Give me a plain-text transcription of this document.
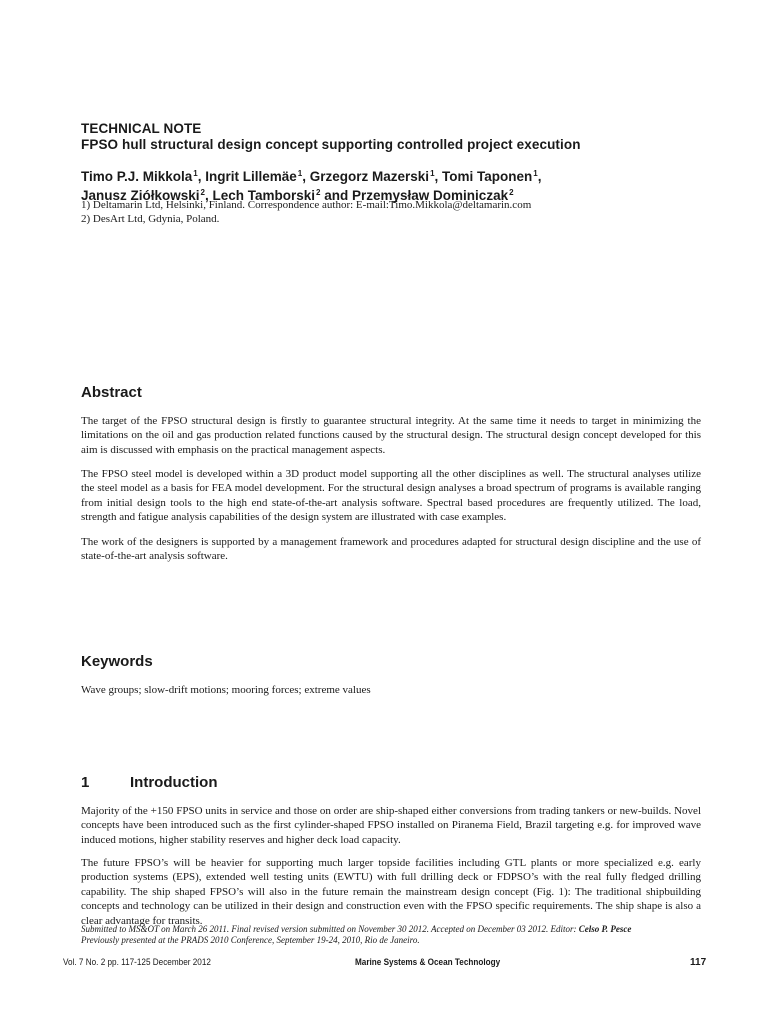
TECHNICAL NOTE
FPSO hull structural design concept supporting controlled project execution
Timo P.J. Mikkola$^1$, Ingrit Lillemäe$^1$, Grzegorz Mazerski$^1$, Tomi Taponen$^1$,
Janusz Ziółkowski$^2$, Lech Tamborski$^2$ and Przemysław Dominiczak$^2$
1) Deltamarin Ltd, Helsinki, Finland. Correspondence author: E-mail:Timo.Mikkola@deltamarin.com
2) DesArt Ltd, Gdynia, Poland.
Abstract
The target of the FPSO structural design is firstly to guarantee structural integrity. At the same time it needs to target in minimizing the limitations on the oil and gas production related functions caused by the structural design. The structural design concept developed for this aim is discussed with emphasis on the practical management aspects.
The FPSO steel model is developed within a 3D product model supporting all the other disciplines as well. The structural analyses utilize the steel model as a basis for FEA model development. For the structural design analyses a broad spectrum of programs is available ranging from initial design tools to the high end state-of-the-art analysis software. Spectral based procedures are frequently utilized. The load, strength and fatigue analysis capabilities of the design system are illustrated with case examples.
The work of the designers is supported by a management framework and procedures adapted for structural design discipline and the use of state-of-the-art analysis software.
Keywords
Wave groups; slow-drift motions; mooring forces; extreme values
1	Introduction
Majority of the +150 FPSO units in service and those on order are ship-shaped either conversions from trading tankers or new-builds. Novel concepts have been introduced such as the first cylinder-shaped FPSO installed on Piranema Field, Brazil targeting e.g. for improved wave induced motions, higher stability reserves and higher deck load capacity.
The future FPSO’s will be heavier for supporting much larger topside facilities including GTL plants or more specialized e.g. early production systems (EPS), extended well testing units (EWTU) with full drilling deck or FDPSO’s with the real fully fledged drilling capability. The ship shaped FPSO’s will also in the future remain the mainstream design concept (Fig. 1): The traditional shipbuilding concepts and technology can be utilized in their design and construction even with the FPSO specific requirements. The ship shape is also a clear advantage for transits.
Submitted to MS&OT on March 26 2011. Final revised version submitted on November 30 2012. Accepted on December 03 2012. Editor: Celso P. Pesce
Previously presented at the PRADS 2010 Conference, September 19-24, 2010, Rio de Janeiro.
Vol. 7 No. 2 pp. 117-125 December 2012	Marine Systems & Ocean Technology	117
